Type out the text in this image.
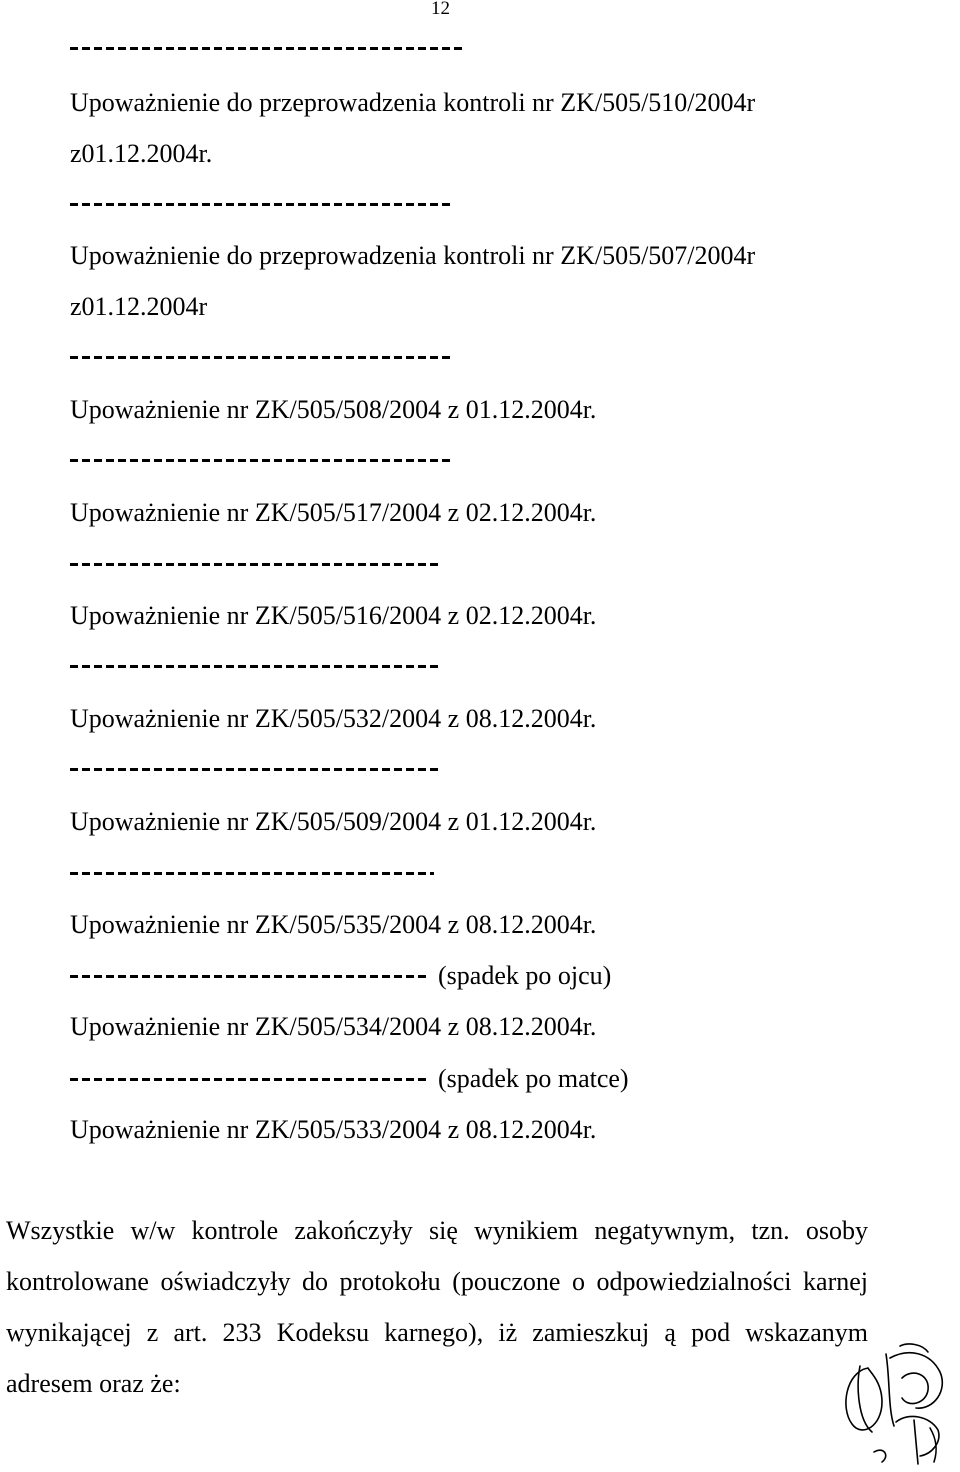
12
Upoważnienie do przeprowadzenia kontroli nr ZK/505/510/2004r
z01.12.2004r.
Upoważnienie do przeprowadzenia kontroli nr ZK/505/507/2004r
z01.12.2004r
Upoważnienie nr ZK/505/508/2004 z 01.12.2004r.
Upoważnienie nr ZK/505/517/2004 z 02.12.2004r.
Upoważnienie nr ZK/505/516/2004 z 02.12.2004r.
Upoważnienie nr ZK/505/532/2004 z 08.12.2004r.
Upoważnienie nr ZK/505/509/2004 z 01.12.2004r.
Upoważnienie nr ZK/505/535/2004 z 08.12.2004r.
(spadek po ojcu)
Upoważnienie nr ZK/505/534/2004 z 08.12.2004r.
(spadek po matce)
Upoważnienie nr ZK/505/533/2004 z 08.12.2004r.
Wszystkie w/w kontrole zakończyły się wynikiem negatywnym, tzn. osoby kontrolowane oświadczyły do protokołu (pouczone o odpowiedzialności karnej wynikającej z art. 233 Kodeksu karnego), iż zamieszkuj ą pod wskazanym adresem oraz że:
